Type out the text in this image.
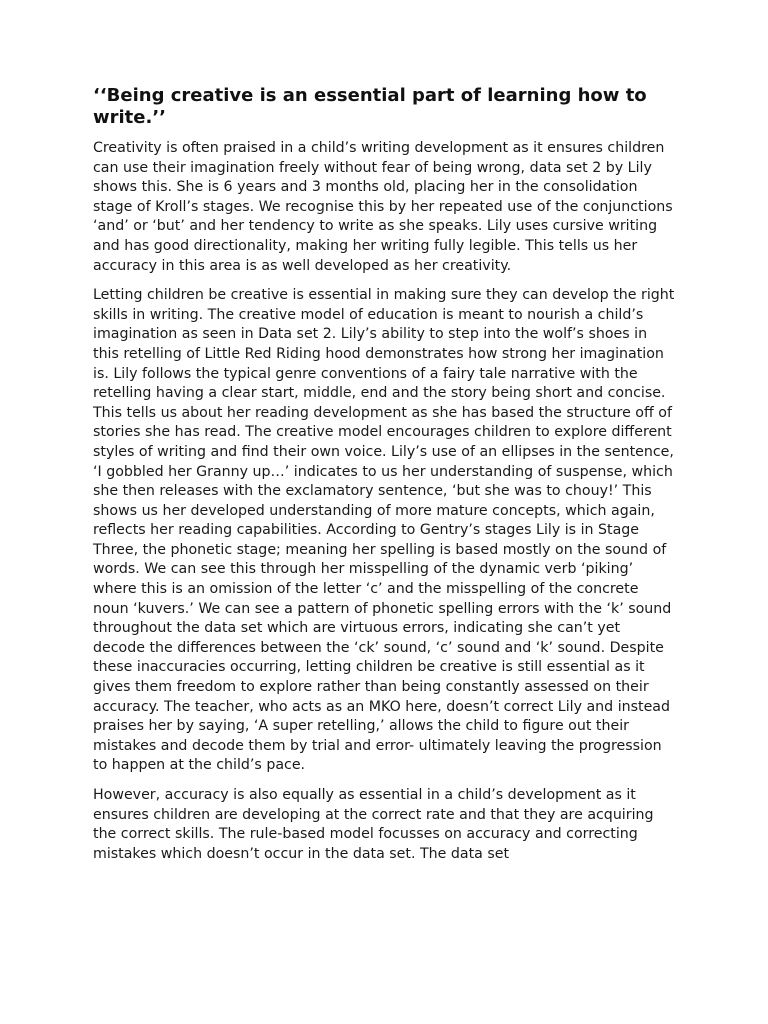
‘‘Being creative is an essential part of learning how to write.’’

Creativity is often praised in a child’s writing development as it ensures children can use their imagination freely without fear of being wrong, data set 2 by Lily shows this. She is 6 years and 3 months old, placing her in the consolidation stage of Kroll’s stages. We recognise this by her repeated use of the conjunctions ‘and’ or ‘but’ and her tendency to write as she speaks. Lily uses cursive writing and has good directionality, making her writing fully legible. This tells us her accuracy in this area is as well developed as her creativity.

Letting children be creative is essential in making sure they can develop the right skills in writing. The creative model of education is meant to nourish a child’s imagination as seen in Data set 2. Lily’s ability to step into the wolf’s shoes in this retelling of Little Red Riding hood demonstrates how strong her imagination is. Lily follows the typical genre conventions of a fairy tale narrative with the retelling having a clear start, middle, end and the story being short and concise. This tells us about her reading development as she has based the structure off of stories she has read. The creative model encourages children to explore different styles of writing and find their own voice. Lily’s use of an ellipses in the sentence, ‘I gobbled her Granny up…’ indicates to us her understanding of suspense, which she then releases with the exclamatory sentence, ‘but she was to chouy!’ This shows us her developed understanding of more mature concepts, which again, reflects her reading capabilities. According to Gentry’s stages Lily is in Stage Three, the phonetic stage; meaning her spelling is based mostly on the sound of words. We can see this through her misspelling of the dynamic verb ‘piking’ where this is an omission of the letter ‘c’ and the misspelling of the concrete noun ‘kuvers.’ We can see a pattern of phonetic spelling errors with the ‘k’ sound throughout the data set which are virtuous errors, indicating she can’t yet decode the differences between the ‘ck’ sound, ‘c’ sound and ‘k’ sound. Despite these inaccuracies occurring, letting children be creative is still essential as it gives them freedom to explore rather than being constantly assessed on their accuracy. The teacher, who acts as an MKO here, doesn’t correct Lily and instead praises her by saying, ‘A super retelling,’ allows the child to figure out their mistakes and decode them by trial and error- ultimately leaving the progression to happen at the child’s pace.

However, accuracy is also equally as essential in a child’s development as it ensures children are developing at the correct rate and that they are acquiring the correct skills. The rule-based model focusses on accuracy and correcting mistakes which doesn’t occur in the data set. The data set
